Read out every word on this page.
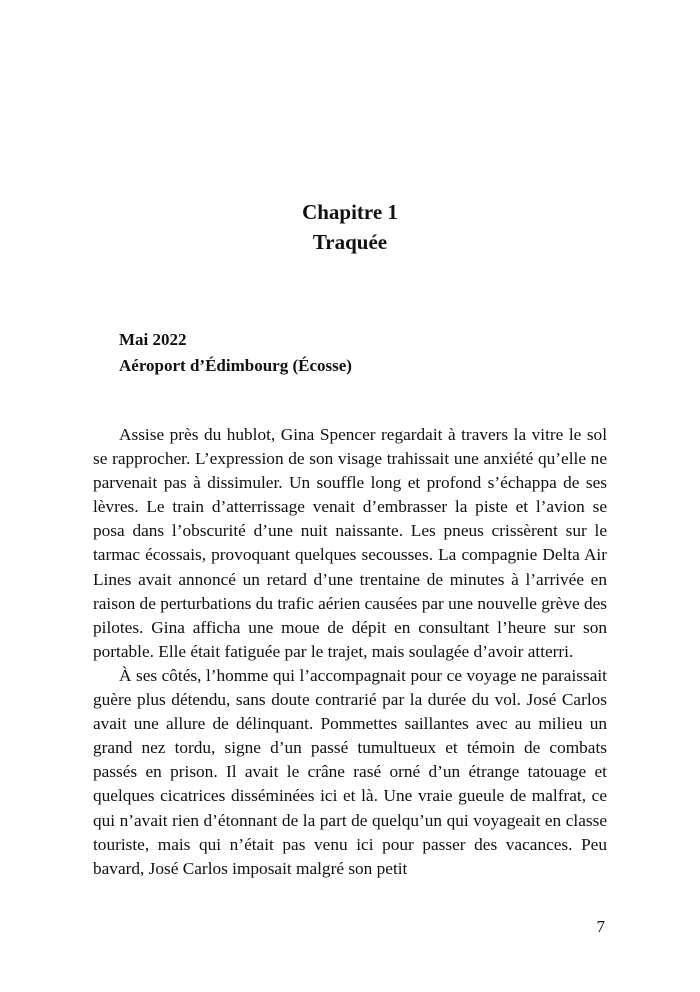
Chapitre 1
Traquée
Mai 2022
Aéroport d’Édimbourg (Écosse)

Assise près du hublot, Gina Spencer regardait à travers la vitre le sol se rapprocher. L’expression de son visage trahissait une anxiété qu’elle ne parvenait pas à dissimuler. Un souffle long et profond s’échappa de ses lèvres. Le train d’atterrissage venait d’embrasser la piste et l’avion se posa dans l’obscurité d’une nuit naissante. Les pneus crissèrent sur le tarmac écossais, provoquant quelques secousses. La compagnie Delta Air Lines avait annoncé un retard d’une trentaine de minutes à l’arrivée en raison de perturbations du trafic aérien causées par une nouvelle grève des pilotes. Gina afficha une moue de dépit en consultant l’heure sur son portable. Elle était fatiguée par le trajet, mais soulagée d’avoir atterri.

À ses côtés, l’homme qui l’accompagnait pour ce voyage ne paraissait guère plus détendu, sans doute contrarié par la durée du vol. José Carlos avait une allure de délinquant. Pommettes saillantes avec au milieu un grand nez tordu, signe d’un passé tumultueux et témoin de combats passés en prison. Il avait le crâne rasé orné d’un étrange tatouage et quelques cicatrices disséminées ici et là. Une vraie gueule de malfrat, ce qui n’avait rien d’étonnant de la part de quelqu’un qui voyageait en classe touriste, mais qui n’était pas venu ici pour passer des vacances. Peu bavard, José Carlos imposait malgré son petit

7
